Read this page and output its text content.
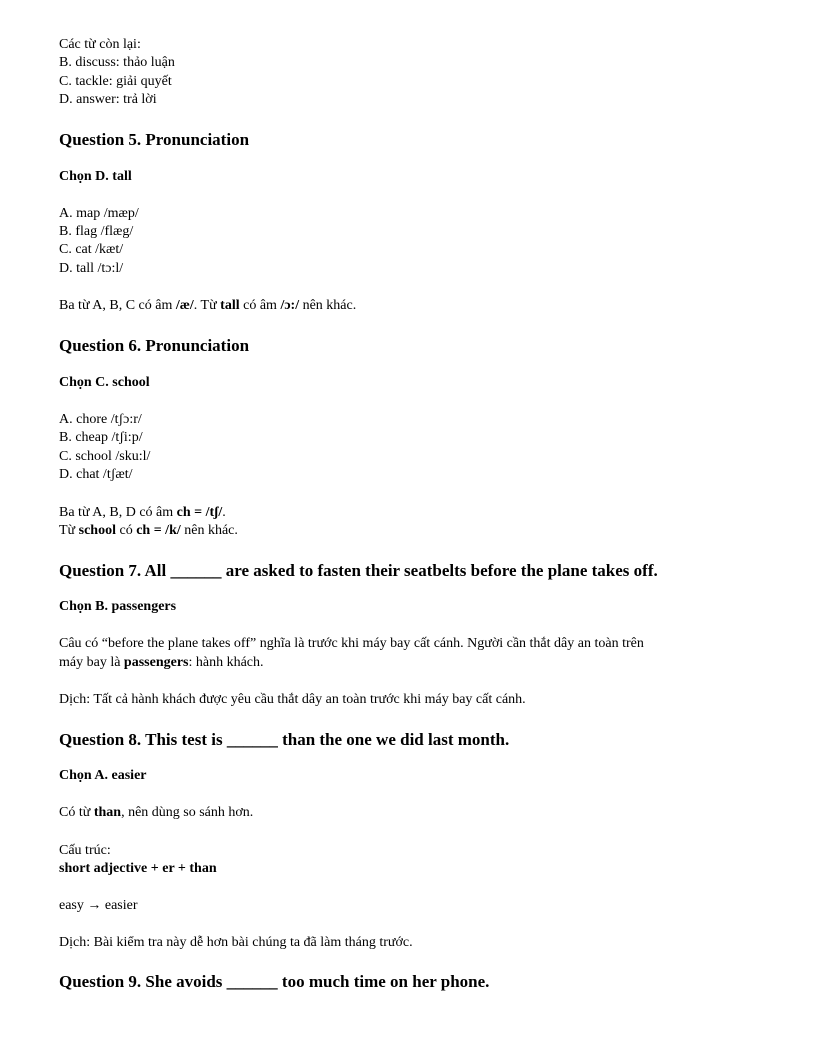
Các từ còn lại:
B. discuss: thảo luận
C. tackle: giải quyết
D. answer: trả lời
Question 5. Pronunciation
Chọn D. tall
A. map /mæp/
B. flag /flæg/
C. cat /kæt/
D. tall /tɔ:l/
Ba từ A, B, C có âm /æ/. Từ tall có âm /ɔ:/ nên khác.
Question 6. Pronunciation
Chọn C. school
A. chore /tʃɔ:r/
B. cheap /tʃi:p/
C. school /sku:l/
D. chat /tʃæt/
Ba từ A, B, D có âm ch = /tʃ/.
Từ school có ch = /k/ nên khác.
Question 7. All ______ are asked to fasten their seatbelts before the plane takes off.
Chọn B. passengers
Câu có “before the plane takes off” nghĩa là trước khi máy bay cất cánh. Người cần thắt dây an toàn trên
máy bay là passengers: hành khách.
Dịch: Tất cả hành khách được yêu cầu thắt dây an toàn trước khi máy bay cất cánh.
Question 8. This test is ______ than the one we did last month.
Chọn A. easier
Có từ than, nên dùng so sánh hơn.
Cấu trúc:
short adjective + er + than
easy → easier
Dịch: Bài kiểm tra này dễ hơn bài chúng ta đã làm tháng trước.
Question 9. She avoids ______ too much time on her phone.
